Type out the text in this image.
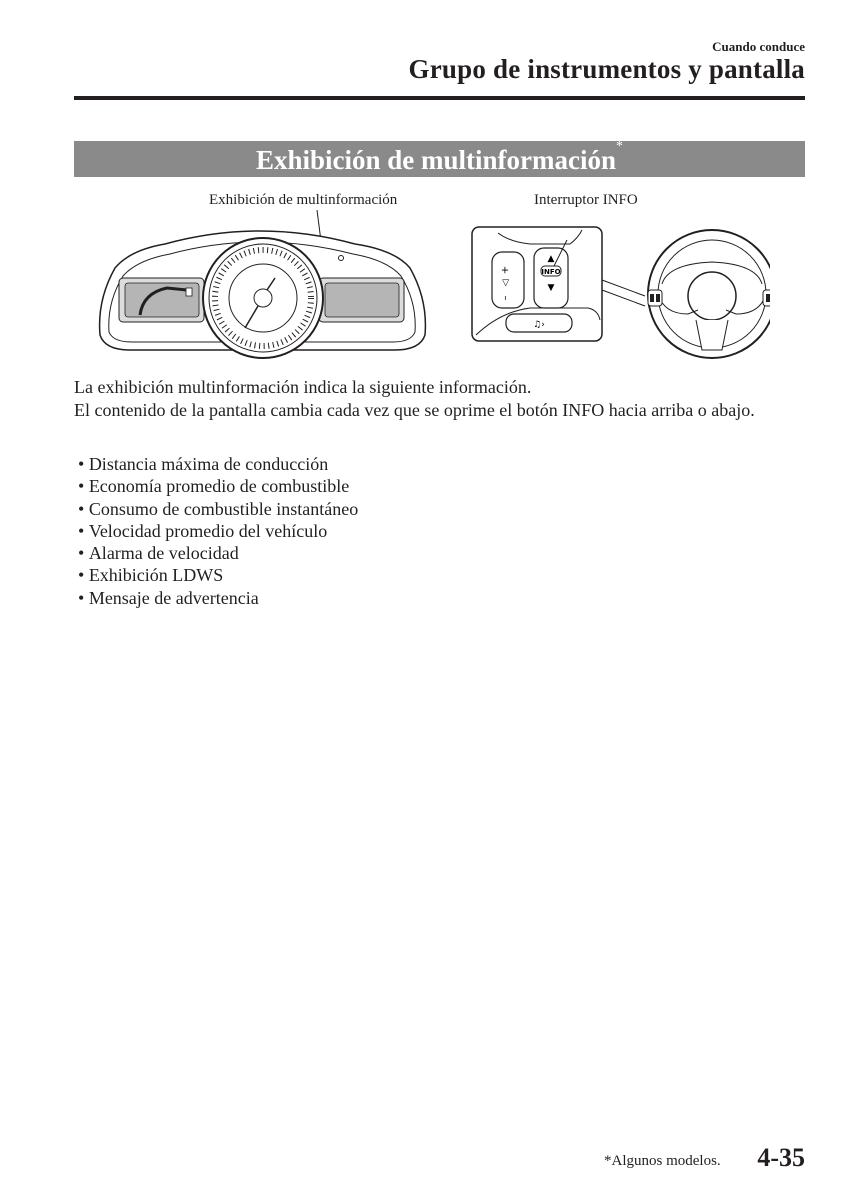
Cuando conduce
Grupo de instrumentos y pantalla
Exhibición de multinformación*
Exhibición de multinformación	Interruptor INFO
+
◁
–
▲
INFO
▼
♫›

La exhibición multinformación indica la siguiente información.

El contenido de la pantalla cambia cada vez que se oprime el botón INFO hacia arriba o abajo.

• Distancia máxima de conducción
• Economía promedio de combustible
• Consumo de combustible instantáneo
• Velocidad promedio del vehículo
• Alarma de velocidad
• Exhibición LDWS
• Mensaje de advertencia
*Algunos modelos. 4-35
